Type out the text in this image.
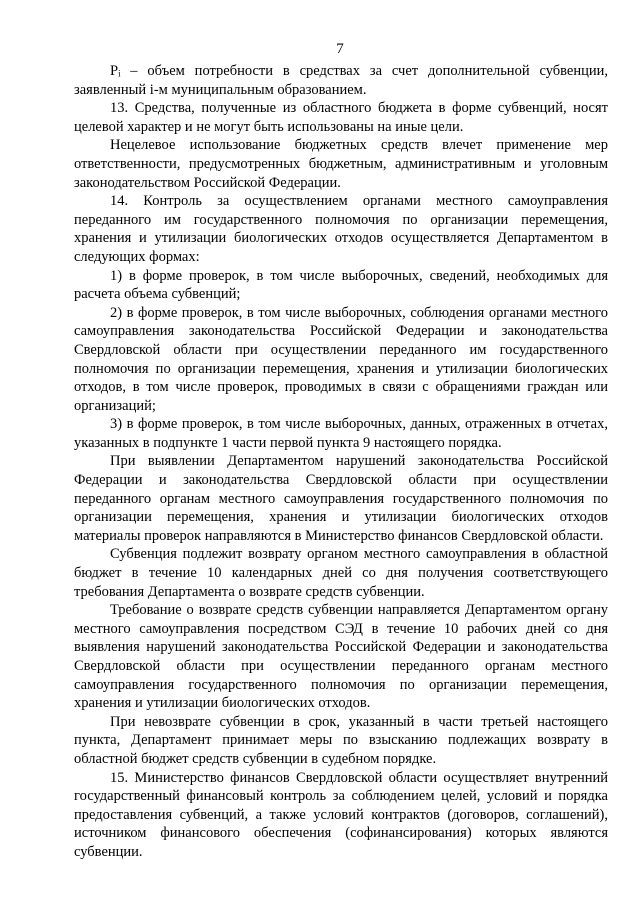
7

Pᵢ – объем потребности в средствах за счет дополнительной субвенции, заявленный i-м муниципальным образованием.

13. Средства, полученные из областного бюджета в форме субвенций, носят целевой характер и не могут быть использованы на иные цели.

Нецелевое использование бюджетных средств влечет применение мер ответственности, предусмотренных бюджетным, административным и уголовным законодательством Российской Федерации.

14. Контроль за осуществлением органами местного самоуправления переданного им государственного полномочия по организации перемещения, хранения и утилизации биологических отходов осуществляется Департаментом в следующих формах:

1) в форме проверок, в том числе выборочных, сведений, необходимых для расчета объема субвенций;

2) в форме проверок, в том числе выборочных, соблюдения органами местного самоуправления законодательства Российской Федерации и законодательства Свердловской области при осуществлении переданного им государственного полномочия по организации перемещения, хранения и утилизации биологических отходов, в том числе проверок, проводимых в связи с обращениями граждан или организаций;

3) в форме проверок, в том числе выборочных, данных, отраженных в отчетах, указанных в подпункте 1 части первой пункта 9 настоящего порядка.

При выявлении Департаментом нарушений законодательства Российской Федерации и законодательства Свердловской области при осуществлении переданного органам местного самоуправления государственного полномочия по организации перемещения, хранения и утилизации биологических отходов материалы проверок направляются в Министерство финансов Свердловской области.

Субвенция подлежит возврату органом местного самоуправления в областной бюджет в течение 10 календарных дней со дня получения соответствующего требования Департамента о возврате средств субвенции.

Требование о возврате средств субвенции направляется Департаментом органу местного самоуправления посредством СЭД в течение 10 рабочих дней со дня выявления нарушений законодательства Российской Федерации и законодательства Свердловской области при осуществлении переданного органам местного самоуправления государственного полномочия по организации перемещения, хранения и утилизации биологических отходов.

При невозврате субвенции в срок, указанный в части третьей настоящего пункта, Департамент принимает меры по взысканию подлежащих возврату в областной бюджет средств субвенции в судебном порядке.

15. Министерство финансов Свердловской области осуществляет внутренний государственный финансовый контроль за соблюдением целей, условий и порядка предоставления субвенций, а также условий контрактов (договоров, соглашений), источником финансового обеспечения (софинансирования) которых являются субвенции.
